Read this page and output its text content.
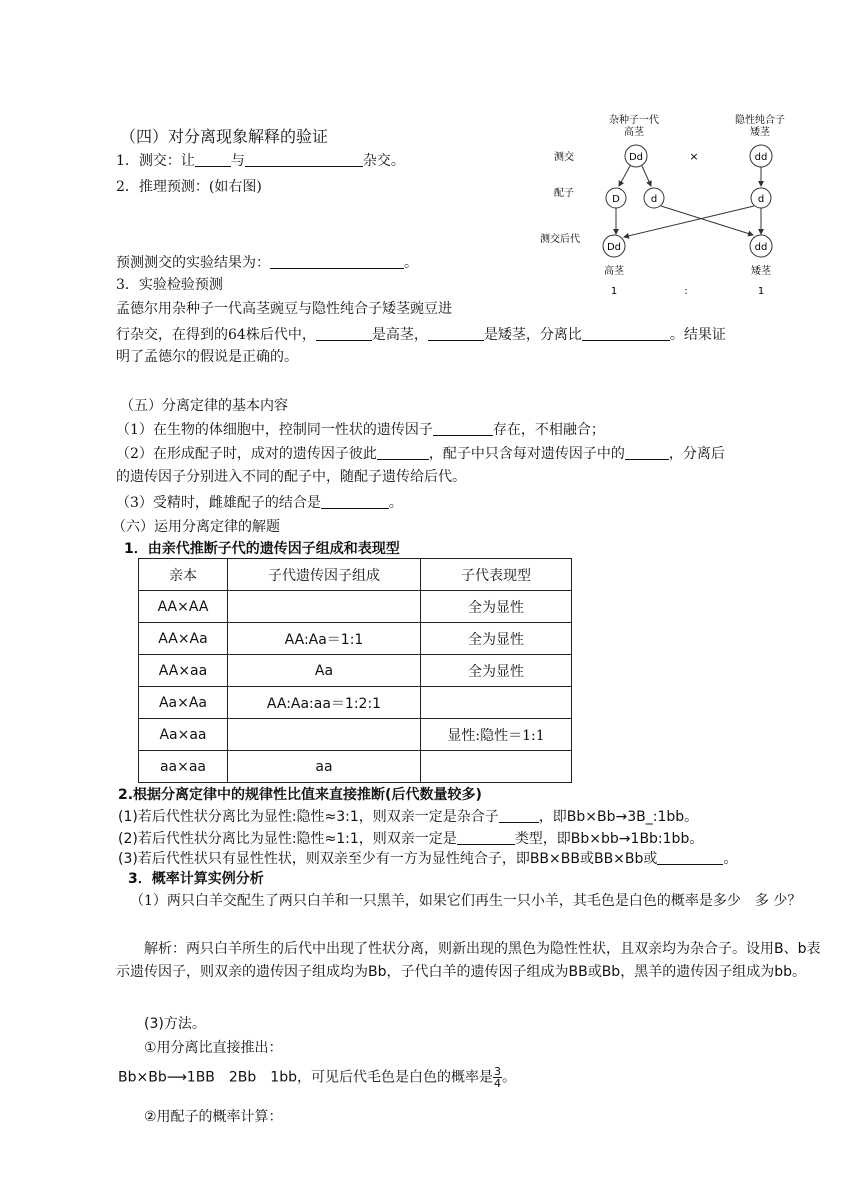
（四）对分离现象解释的验证
1．测交：让	与	杂交。
2．推理预测：(如右图)
预测测交的实验结果为：	。
3．实验检验预测
孟德尔用杂种子一代高茎豌豆与隐性纯合子矮茎豌豆进
行杂交，在得到的64株后代中，	是高茎，	是矮茎，分离比	。结果证
明了孟德尔的假说是正确的。
杂种子一代
高茎
隐性纯合子
矮茎
测交
配子
测交后代
Dd	×	dd
D	d	d
Dd	dd
高茎	矮茎
1	:	1
（五）分离定律的基本内容
（1）在生物的体细胞中，控制同一性状的遗传因子	存在，不相融合；
（2）在形成配子时，成对的遗传因子彼此	，配子中只含每对遗传因子中的	，分离后
的遗传因子分别进入不同的配子中，随配子遗传给后代。
（3）受精时，雌雄配子的结合是	。
（六）运用分离定律的解题
1．由亲代推断子代的遗传因子组成和表现型
亲本	子代遗传因子组成	子代表现型
AA×AA		全为显性
AA×Aa	AA:Aa＝1:1	全为显性
AA×aa	Aa	全为显性
Aa×Aa	AA:Aa:aa＝1:2:1	
Aa×aa		显性:隐性＝1:1
aa×aa	aa	
2.根据分离定律中的规律性比值来直接推断(后代数量较多)
(1)若后代性状分离比为显性:隐性≈3:1，则双亲一定是杂合子	，即Bb×Bb→3B_:1bb。
(2)若后代性状分离比为显性:隐性≈1:1，则双亲一定是	类型，即Bb×bb→1Bb:1bb。
(3)若后代性状只有显性性状，则双亲至少有一方为显性纯合子，即BB×BB或BB×Bb或	。
3．概率计算实例分析
（1）两只白羊交配生了两只白羊和一只黑羊，如果它们再生一只小羊，其毛色是白色的概率是多少　多 少？
解析：两只白羊所生的后代中出现了性状分离，则新出现的黑色为隐性性状，且双亲均为杂合子。设用B、b表示遗传因子，则双亲的遗传因子组成均为Bb，子代白羊的遗传因子组成为BB或Bb，黑羊的遗传因子组成为bb。
(3)方法。
①用分离比直接推出：
Bb×Bb⟶1BB　2Bb　1bb，可见后代毛色是白色的概率是 $\frac{3}{4}$ 。
②用配子的概率计算：
